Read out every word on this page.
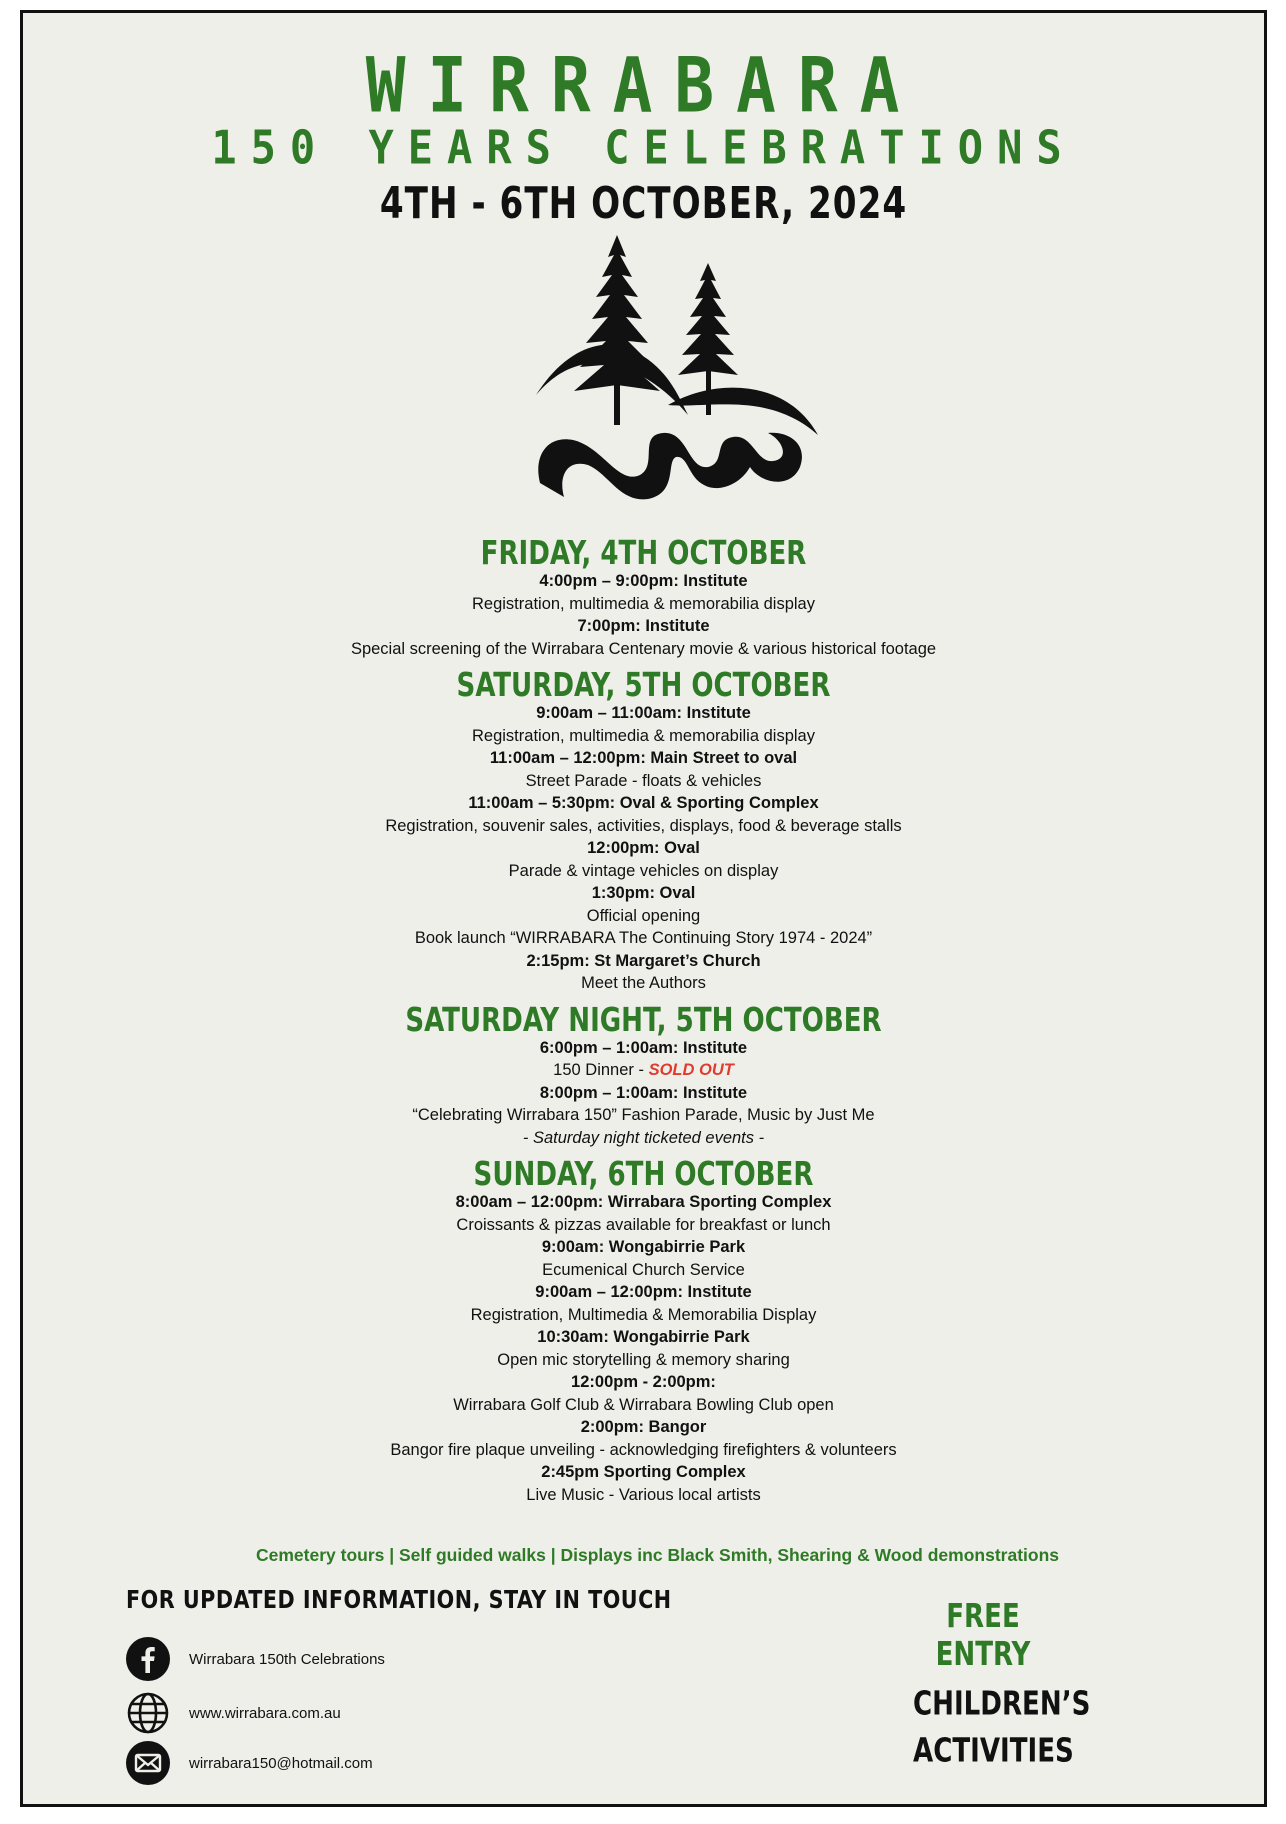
WIRRABARA
150 YEARS CELEBRATIONS
4TH - 6TH OCTOBER, 2024
FRIDAY, 4TH OCTOBER
4:00pm – 9:00pm: Institute
Registration, multimedia & memorabilia display
7:00pm: Institute
Special screening of the Wirrabara Centenary movie & various historical footage
SATURDAY, 5TH OCTOBER
9:00am – 11:00am: Institute
Registration, multimedia & memorabilia display
11:00am – 12:00pm: Main Street to oval
Street Parade - floats & vehicles
11:00am – 5:30pm: Oval & Sporting Complex
Registration, souvenir sales, activities, displays, food & beverage stalls
12:00pm: Oval
Parade & vintage vehicles on display
1:30pm: Oval
Official opening
Book launch “WIRRABARA The Continuing Story 1974 - 2024”
2:15pm: St Margaret’s Church
Meet the Authors
SATURDAY NIGHT, 5TH OCTOBER
6:00pm – 1:00am: Institute
150 Dinner - SOLD OUT
8:00pm – 1:00am: Institute
“Celebrating Wirrabara 150” Fashion Parade, Music by Just Me
- Saturday night ticketed events -
SUNDAY, 6TH OCTOBER
8:00am – 12:00pm: Wirrabara Sporting Complex
Croissants & pizzas available for breakfast or lunch
9:00am: Wongabirrie Park
Ecumenical Church Service
9:00am – 12:00pm: Institute
Registration, Multimedia & Memorabilia Display
10:30am: Wongabirrie Park
Open mic storytelling & memory sharing
12:00pm - 2:00pm:
Wirrabara Golf Club & Wirrabara Bowling Club open
2:00pm: Bangor
Bangor fire plaque unveiling - acknowledging firefighters & volunteers
2:45pm Sporting Complex
Live Music - Various local artists
Cemetery tours | Self guided walks | Displays inc Black Smith, Shearing & Wood demonstrations
FOR UPDATED INFORMATION, STAY IN TOUCH
Wirrabara 150th Celebrations
www.wirrabara.com.au
wirrabara150@hotmail.com
FREE ENTRY
CHILDREN’S
ACTIVITIES
